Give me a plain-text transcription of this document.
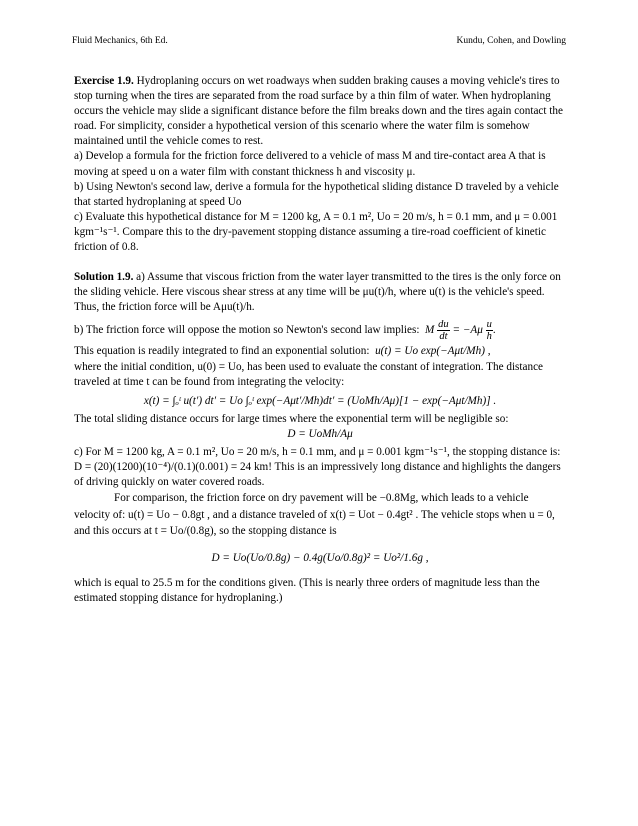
Fluid Mechanics, 6th Ed.	Kundu, Cohen, and Dowling

Exercise 1.9. Hydroplaning occurs on wet roadways when sudden braking causes a moving vehicle's tires to stop turning when the tires are separated from the road surface by a thin film of water. When hydroplaning occurs the vehicle may slide a significant distance before the film breaks down and the tires again contact the road. For simplicity, consider a hypothetical version of this scenario where the water film is somehow maintained until the vehicle comes to rest.

a) Develop a formula for the friction force delivered to a vehicle of mass M and tire-contact area A that is moving at speed u on a water film with constant thickness h and viscosity μ.

b) Using Newton's second law, derive a formula for the hypothetical sliding distance D traveled by a vehicle that started hydroplaning at speed Uo

c) Evaluate this hypothetical distance for M = 1200 kg, A = 0.1 m², Uo = 20 m/s, h = 0.1 mm, and μ = 0.001 kgm⁻¹s⁻¹. Compare this to the dry-pavement stopping distance assuming a tire-road coefficient of kinetic friction of 0.8.

Solution 1.9. a) Assume that viscous friction from the water layer transmitted to the tires is the only force on the sliding vehicle. Here viscous shear stress at any time will be μu(t)/h, where u(t) is the vehicle's speed. Thus, the friction force will be Aμu(t)/h.

b) The friction force will oppose the motion so Newton's second law implies: M $\frac{du}{dt} = -A\mu \frac{u}{h}$ .

This equation is readily integrated to find an exponential solution: u(t) = Uo exp(−Aμt/Mh) ,

where the initial condition, u(0) = Uo, has been used to evaluate the constant of integration. The distance traveled at time t can be found from integrating the velocity:

x(t) = ∫ₒᵗ u(t′) dt′ = Uo ∫ₒᵗ exp(−Aμt′/Mh)dt′ = (UoMh/Aμ)[1 − exp(−Aμt/Mh)] .

The total sliding distance occurs for large times where the exponential term will be negligible so:

D = UoMh/Aμ

c) For M = 1200 kg, A = 0.1 m², Uo = 20 m/s, h = 0.1 mm, and μ = 0.001 kgm⁻¹s⁻¹, the stopping distance is: D = (20)(1200)(10⁻⁴)/(0.1)(0.001) = 24 km! This is an impressively long distance and highlights the dangers of driving quickly on water covered roads.

For comparison, the friction force on dry pavement will be −0.8Mg, which leads to a vehicle velocity of: u(t) = Uo − 0.8gt , and a distance traveled of x(t) = Uot − 0.4gt² . The vehicle stops when u = 0, and this occurs at t = Uo/(0.8g), so the stopping distance is

D = Uo(Uo/0.8g) − 0.4g(Uo/0.8g)² = Uo²/1.6g ,

which is equal to 25.5 m for the conditions given. (This is nearly three orders of magnitude less than the estimated stopping distance for hydroplaning.)
